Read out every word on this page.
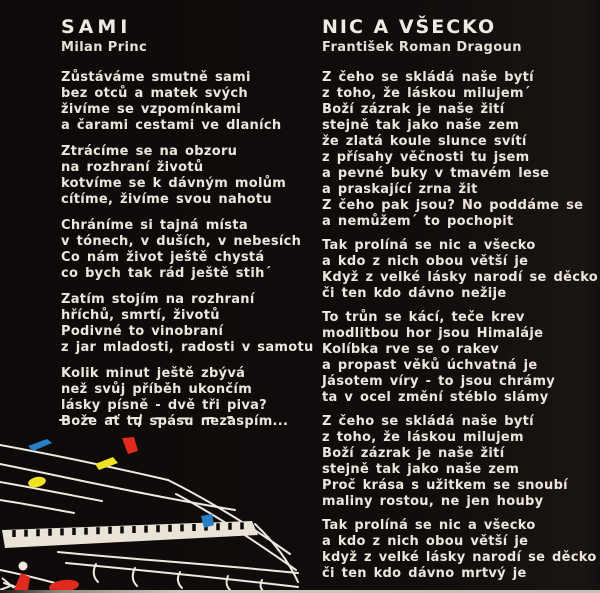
SAMI

Milan Princ

Zůstáváme smutně sami

bez otců a matek svých

živíme se vzpomínkami

a čarami cestami ve dlaních

Ztrácíme se na obzoru

na rozhraní životů

kotvíme se k dávným molům

cítíme, živíme svou nahotu

Chráníme si tajná místa

v tónech, v duších, v nebesích

Co nám život ještě chystá

co bych tak rád ještě stih´

Zatím stojím na rozhraní

hříchů, smrtí, životů

Podivné to vinobraní

z jar mladosti, radosti v samotu

Kolik minut ještě zbývá

než svůj příběh ukončím

lásky písně - dvě tři piva?

Bože ať tu spásu nezaspím...

NIC A VŠECKO

František Roman Dragoun

Z čeho se skládá naše bytí

z toho, že láskou milujem´

Boží zázrak je naše žití

stejně tak jako naše zem

že zlatá koule slunce svítí

z přísahy věčnosti tu jsem

a pevné buky v tmavém lese

a praskající zrna žit

Z čeho pak jsou? No poddáme se

a nemůžem´ to pochopit

Tak prolíná se nic a všecko

a kdo z nich obou větší je

Když z velké lásky narodí se děcko

či ten kdo dávno nežije

To trůn se kácí, teče krev

modlitbou hor jsou Himaláje

Kolíbka rve se o rakev

a propast věků úchvatná je

Jásotem víry - to jsou chrámy

ta v ocel změní stéblo slámy

Z čeho se skládá naše bytí

z toho, že láskou milujem

Boží zázrak je naše žití

stejně tak jako naše zem

Proč krása s užitkem se snoubí

maliny rostou, ne jen houby

Tak prolíná se nic a všecko

a kdo z nich obou větší je

když z velké lásky narodí se děcko

či ten kdo dávno mrtvý je
